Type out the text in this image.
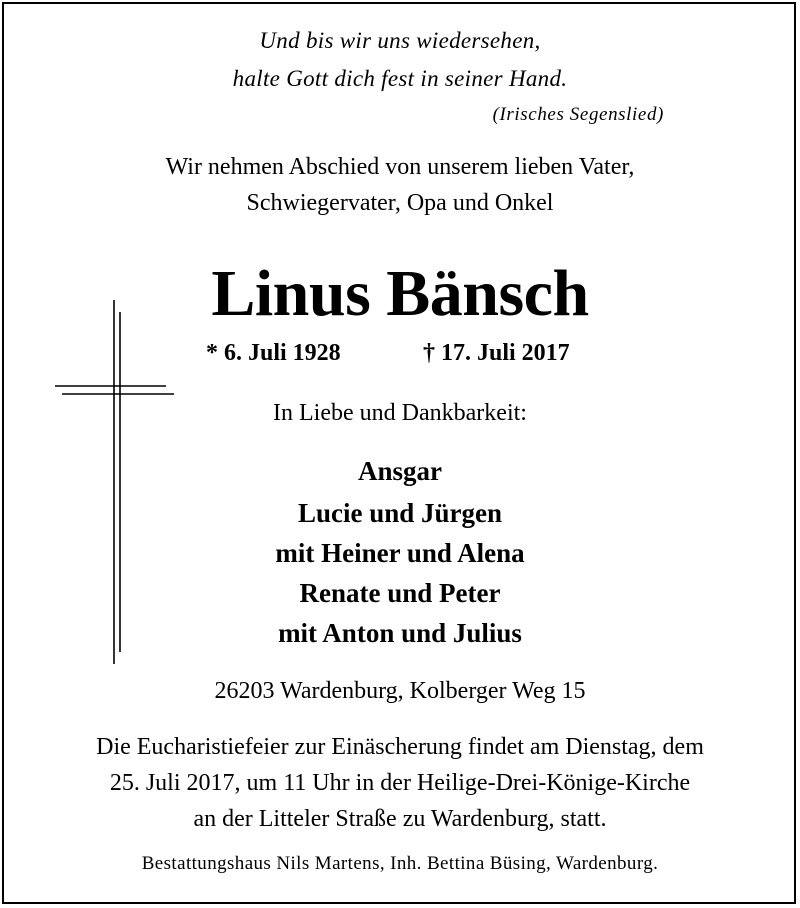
Und bis wir uns wiedersehen,
halte Gott dich fest in seiner Hand.
(Irisches Segenslied)
Wir nehmen Abschied von unserem lieben Vater,
Schwiegervater, Opa und Onkel
Linus Bänsch
* 6. Juli 1928	† 17. Juli 2017
In Liebe und Dankbarkeit:
Ansgar
Lucie und Jürgen
mit Heiner und Alena
Renate und Peter
mit Anton und Julius
26203 Wardenburg, Kolberger Weg 15
Die Eucharistiefeier zur Einäscherung findet am Dienstag, dem
25. Juli 2017, um 11 Uhr in der Heilige-Drei-Könige-Kirche
an der Litteler Straße zu Wardenburg, statt.
Bestattungshaus Nils Martens, Inh. Bettina Büsing, Wardenburg.
